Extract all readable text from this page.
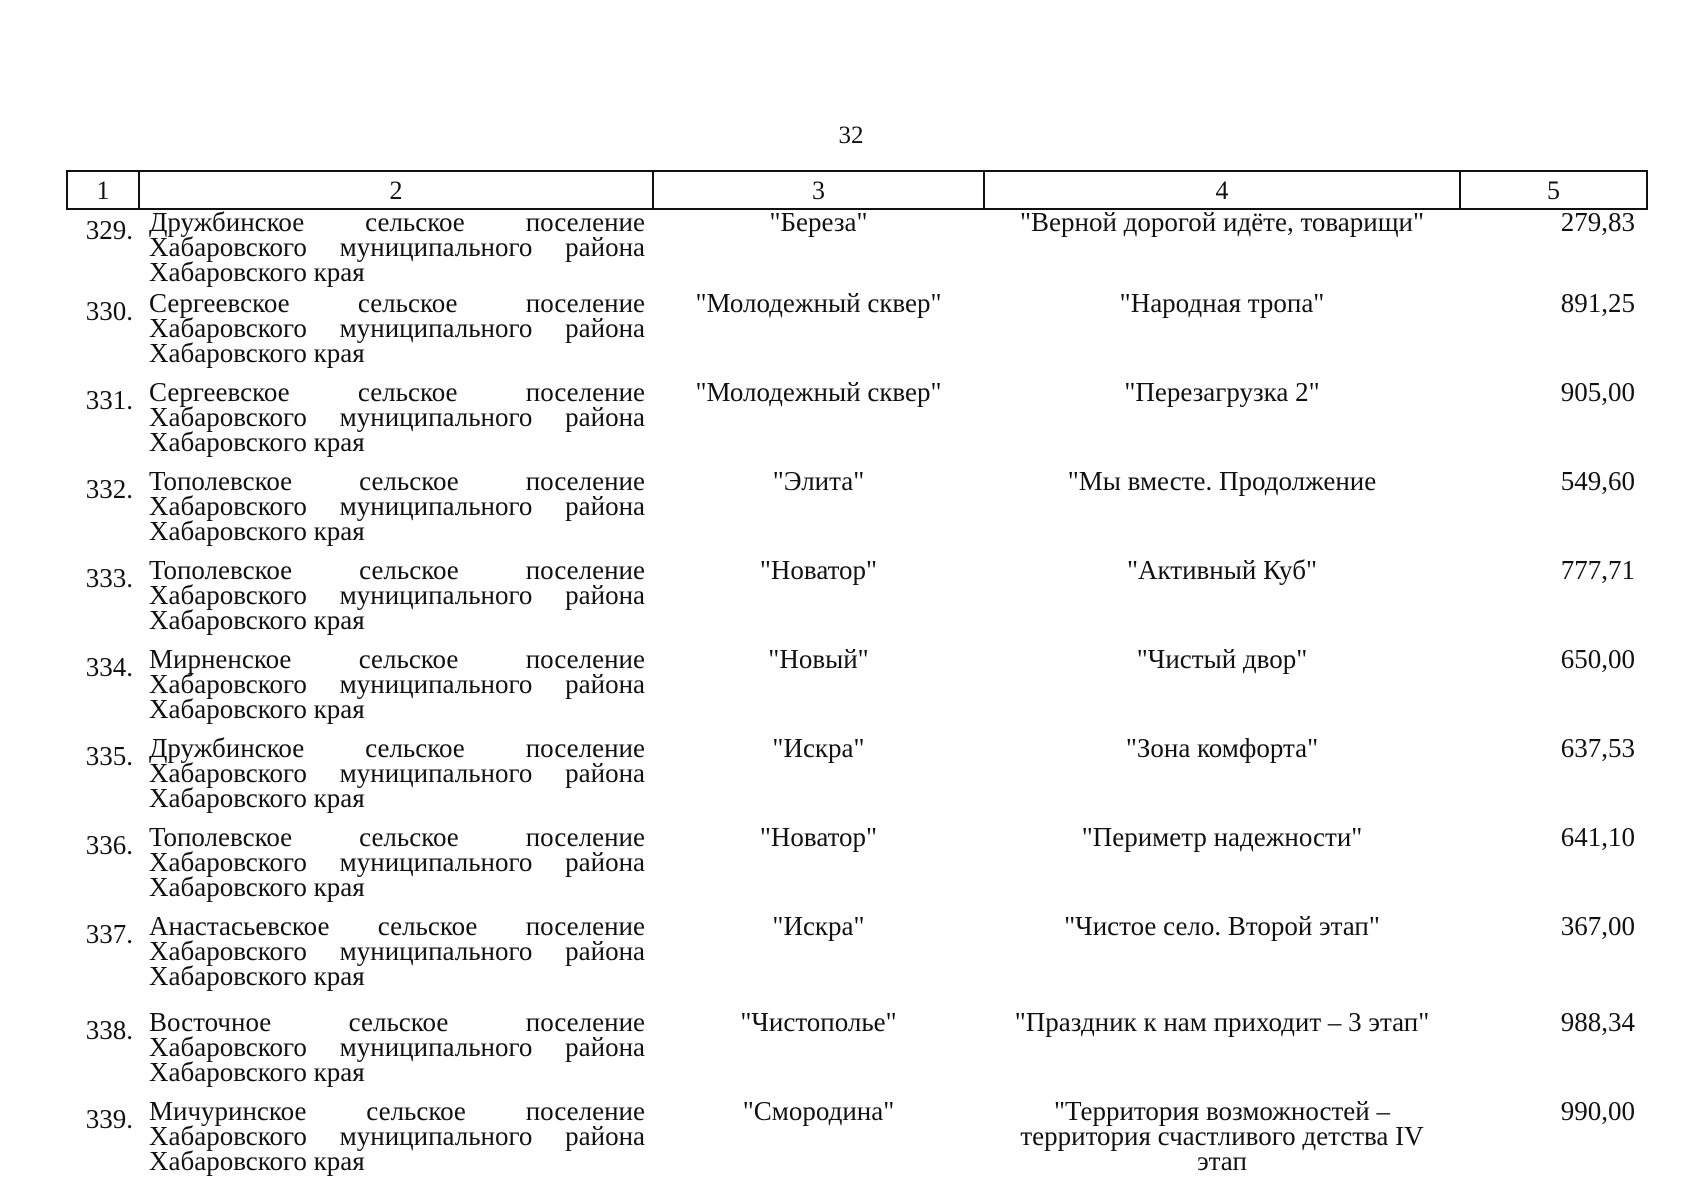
32
1	2	3	4	5
329.	Дружбинское сельское поселение Хабаровского муниципального района Хабаровского края	"Береза"	"Верной дорогой идёте, товарищи"	279,83
330.	Сергеевское сельское поселение Хабаровского муниципального района Хабаровского края	"Молодежный сквер"	"Народная тропа"	891,25
331.	Сергеевское сельское поселение Хабаровского муниципального района Хабаровского края	"Молодежный сквер"	"Перезагрузка 2"	905,00
332.	Тополевское сельское поселение Хабаровского муниципального района Хабаровского края	"Элита"	"Мы вместе. Продолжение	549,60
333.	Тополевское сельское поселение Хабаровского муниципального района Хабаровского края	"Новатор"	"Активный Куб"	777,71
334.	Мирненское сельское поселение Хабаровского муниципального района Хабаровского края	"Новый"	"Чистый двор"	650,00
335.	Дружбинское сельское поселение Хабаровского муниципального района Хабаровского края	"Искра"	"Зона комфорта"	637,53
336.	Тополевское сельское поселение Хабаровского муниципального района Хабаровского края	"Новатор"	"Периметр надежности"	641,10
337.	Анастасьевское сельское поселение Хабаровского муниципального района Хабаровского края	"Искра"	"Чистое село. Второй этап"	367,00
338.	Восточное сельское поселение Хабаровского муниципального района Хабаровского края	"Чистополье"	"Праздник к нам приходит – 3 этап"	988,34
339.	Мичуринское сельское поселение Хабаровского муниципального района Хабаровского края	"Смородина"	"Территория возможностей – территория счастливого детства IV этап	990,00
